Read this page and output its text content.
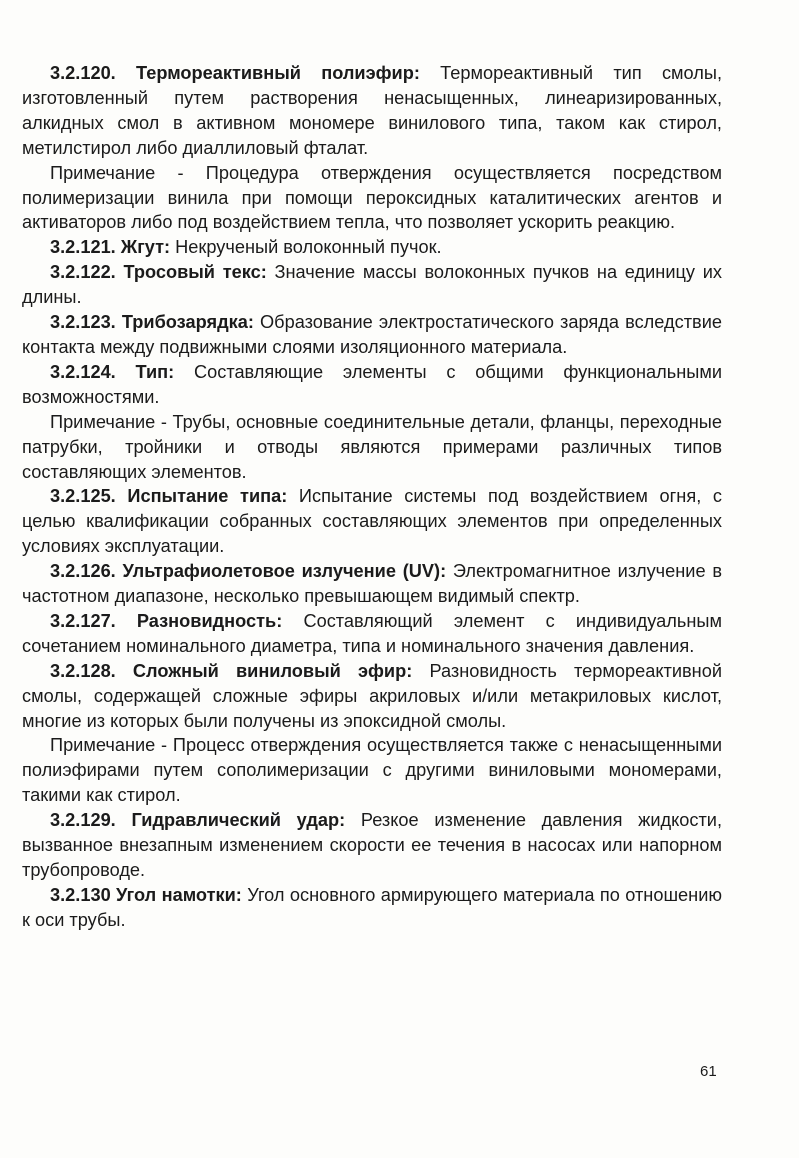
3.2.120. Термореактивный полиэфир: Термореактивный тип смолы, изготовленный путем растворения ненасыщенных, линеаризированных, алкидных смол в активном мономере винилового типа, таком как стирол, метилстирол либо диаллиловый фталат.

Примечание - Процедура отверждения осуществляется посредством полимеризации винила при помощи пероксидных каталитических агентов и активаторов либо под воздействием тепла, что позволяет ускорить реакцию.

3.2.121. Жгут: Некрученый волоконный пучок.

3.2.122. Тросовый текс: Значение массы волоконных пучков на единицу их длины.

3.2.123. Трибозарядка: Образование электростатического заряда вследствие контакта между подвижными слоями изоляционного материала.

3.2.124. Тип: Составляющие элементы с общими функциональными возможностями.

Примечание - Трубы, основные соединительные детали, фланцы, переходные патрубки, тройники и отводы являются примерами различных типов составляющих элементов.

3.2.125. Испытание типа: Испытание системы под воздействием огня, с целью квалификации собранных составляющих элементов при определенных условиях эксплуатации.

3.2.126. Ультрафиолетовое излучение (UV): Электромагнитное излучение в частотном диапазоне, несколько превышающем видимый спектр.

3.2.127. Разновидность: Составляющий элемент с индивидуальным сочетанием номинального диаметра, типа и номинального значения давления.

3.2.128. Сложный виниловый эфир: Разновидность термореактивной смолы, содержащей сложные эфиры акриловых и/или метакриловых кислот, многие из которых были получены из эпоксидной смолы.

Примечание - Процесс отверждения осуществляется также с ненасыщенными полиэфирами путем сополимеризации с другими виниловыми мономерами, такими как стирол.

3.2.129. Гидравлический удар: Резкое изменение давления жидкости, вызванное внезапным изменением скорости ее течения в насосах или напорном трубопроводе.

3.2.130 Угол намотки: Угол основного армирующего материала по отношению к оси трубы.

61
